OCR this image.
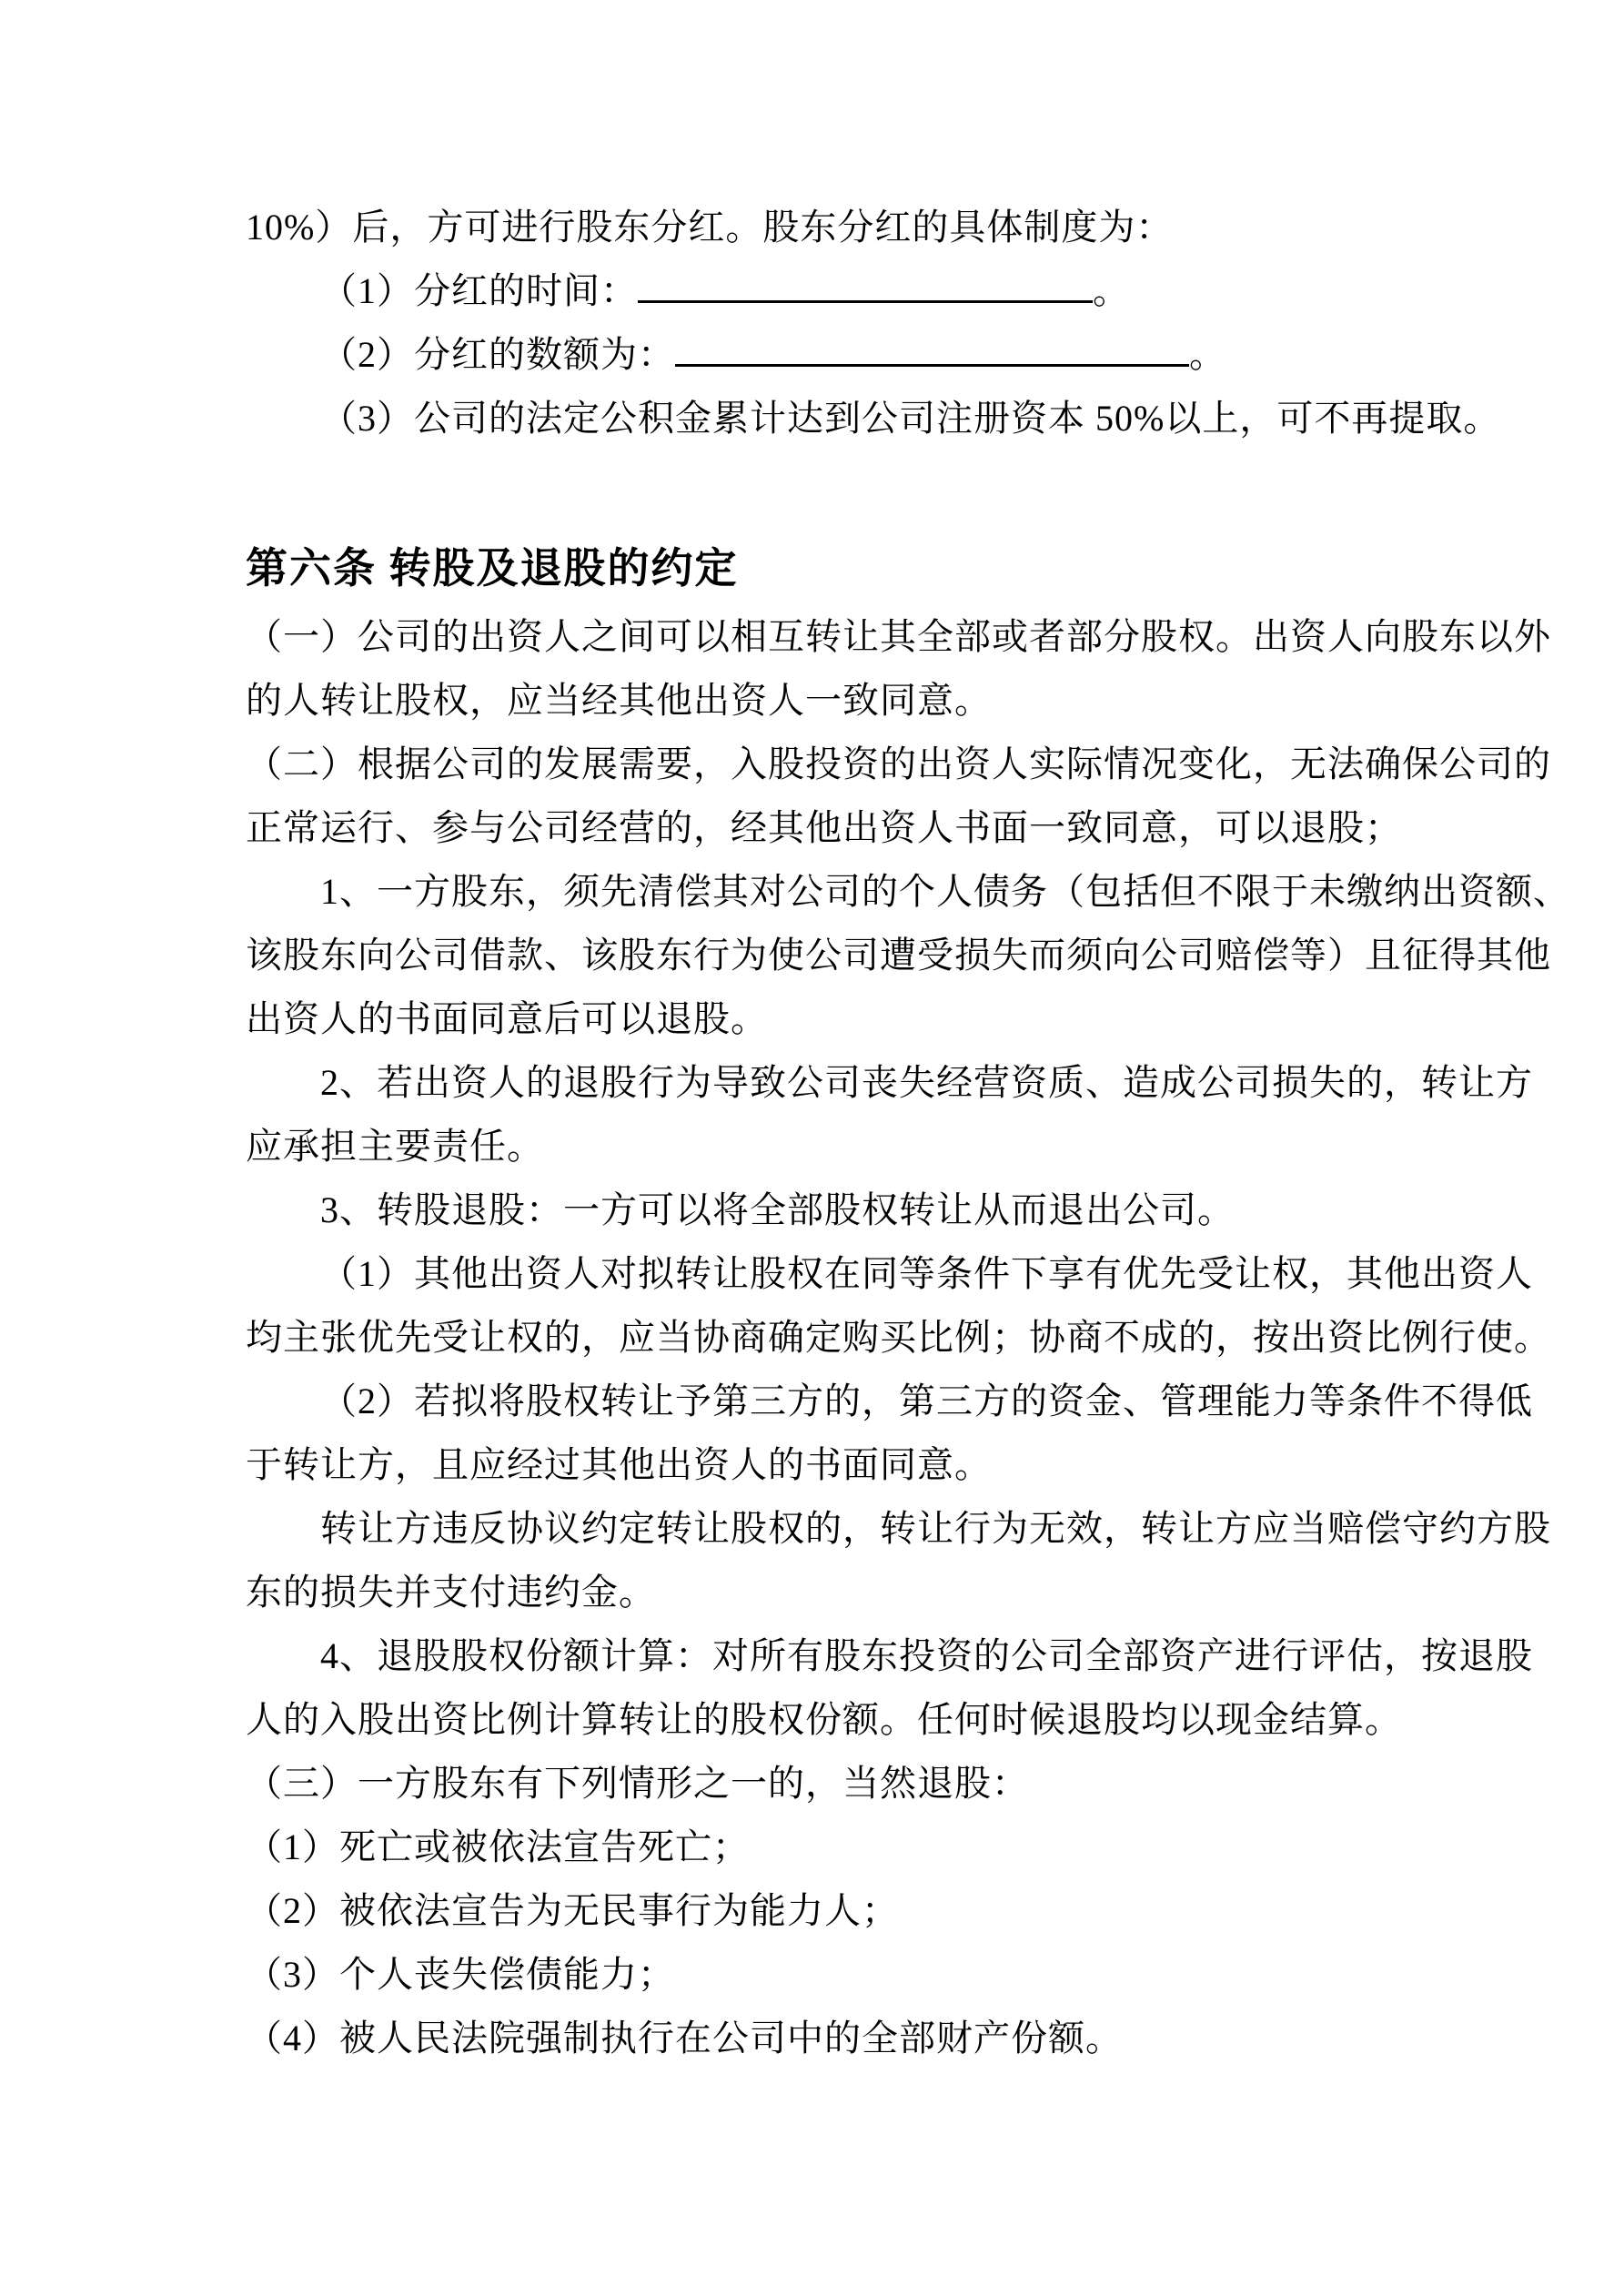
10%）后，方可进行股东分红。股东分红的具体制度为：
（1）分红的时间：	。
（2）分红的数额为：	。
（3）公司的法定公积金累计达到公司注册资本 50%以上，可不再提取。
第六条 转股及退股的约定
（一）公司的出资人之间可以相互转让其全部或者部分股权。出资人向股东以外
的人转让股权，应当经其他出资人一致同意。
（二）根据公司的发展需要，入股投资的出资人实际情况变化，无法确保公司的
正常运行、参与公司经营的，经其他出资人书面一致同意，可以退股；
1、一方股东，须先清偿其对公司的个人债务（包括但不限于未缴纳出资额、
该股东向公司借款、该股东行为使公司遭受损失而须向公司赔偿等）且征得其他
出资人的书面同意后可以退股。
2、若出资人的退股行为导致公司丧失经营资质、造成公司损失的，转让方
应承担主要责任。
3、转股退股：一方可以将全部股权转让从而退出公司。
（1）其他出资人对拟转让股权在同等条件下享有优先受让权，其他出资人
均主张优先受让权的，应当协商确定购买比例；协商不成的，按出资比例行使。
（2）若拟将股权转让予第三方的，第三方的资金、管理能力等条件不得低
于转让方，且应经过其他出资人的书面同意。
转让方违反协议约定转让股权的，转让行为无效，转让方应当赔偿守约方股
东的损失并支付违约金。
4、退股股权份额计算：对所有股东投资的公司全部资产进行评估，按退股
人的入股出资比例计算转让的股权份额。任何时候退股均以现金结算。
（三）一方股东有下列情形之一的，当然退股：
（1）死亡或被依法宣告死亡；
（2）被依法宣告为无民事行为能力人；
（3）个人丧失偿债能力；
（4）被人民法院强制执行在公司中的全部财产份额。
